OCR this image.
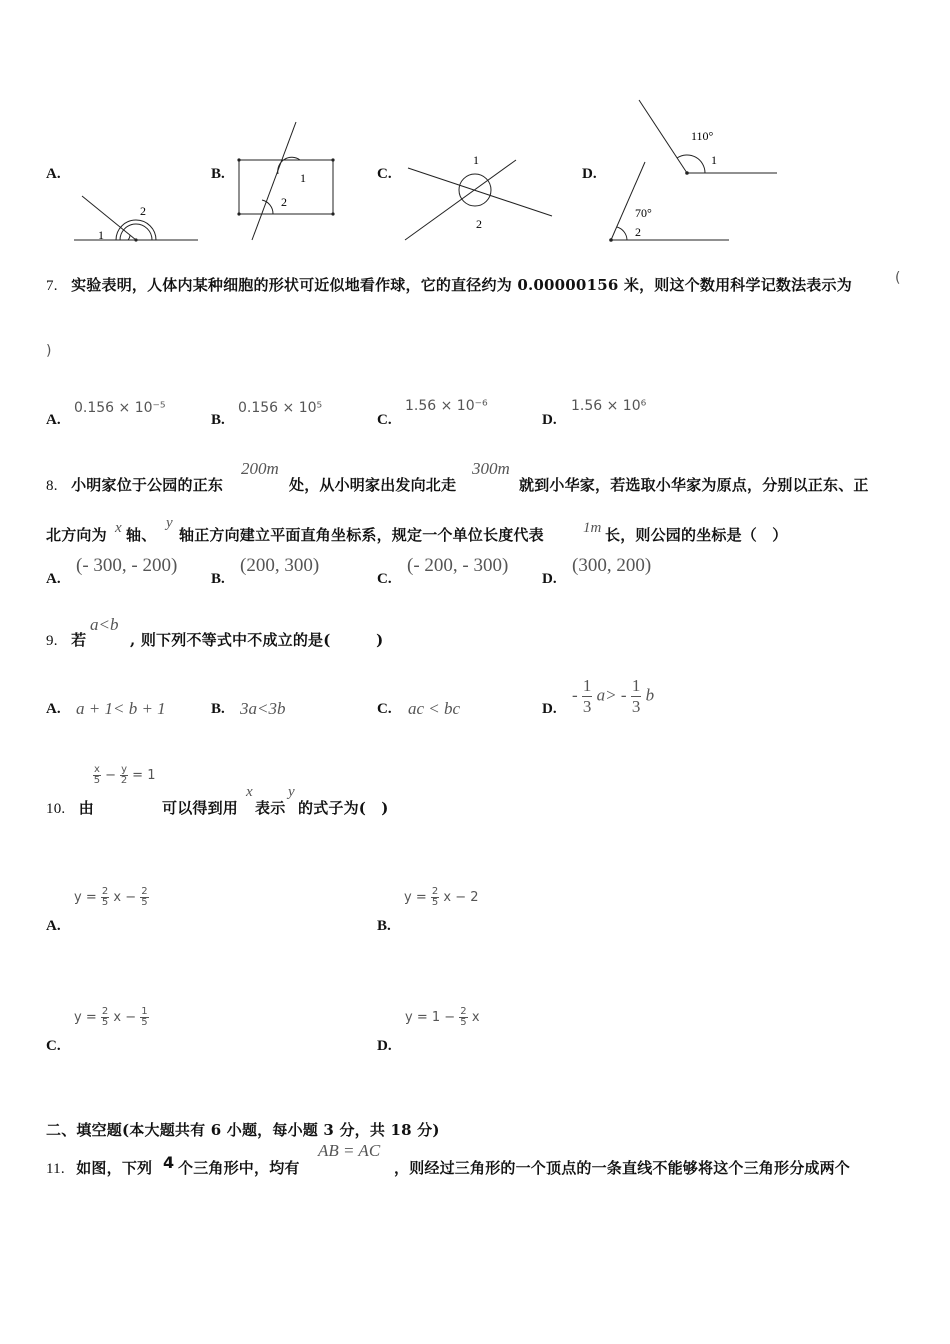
A.	B.	C.	D.
1
2
1
2
1
2
110°
1
70°
2
7. 实验表明，人体内某种细胞的形状可近似地看作球，它的直径约为 0.00000156 米，则这个数用科学记数法表示为	(
)
A.
0.156 × 10⁻⁵
B.
0.156 × 10⁵
C.
1.56 × 10⁻⁶
D.
1.56 × 10⁶
8. 小明家位于公园的正东
200m
处，从小明家出发向北走
300m
就到小华家，若选取小华家为原点，分别以正东、正
北方向为 x 轴、
y
轴正方向建立平面直角坐标系，规定一个单位长度代表	1m 长，则公园的坐标是（　）
A.
(- 300, - 200)
B.
(200, 300)
C.
(- 200, - 300)
D.
(300, 200)
9. 若
a<b
, 则下列不等式中不成立的是(　　　)
A. a + 1< b + 1	B. 3a<3b	C. ac < bc	D.
- $\frac{1}{3} a> - \frac{1}{3}$ b
10. 由
$\frac{x}{5} - \frac{y}{2} = 1$
可以得到用
x
表示
y
的式子为(　)
$y = \frac{2}{5}$ $x - \frac{2}{5}$
A.
$y = \frac{2}{5}$ x − 2
B.
$y = \frac{2}{5}$ $x - \frac{1}{5}$
C.
$y = 1 - \frac{2}{5}$ x
D.
二、填空题(本大题共有 6 小题，每小题 3 分，共 18 分)
11. 如图，下列 4 个三角形中，均有
AB = AC
，则经过三角形的一个顶点的一条直线不能够将这个三角形分成两个
